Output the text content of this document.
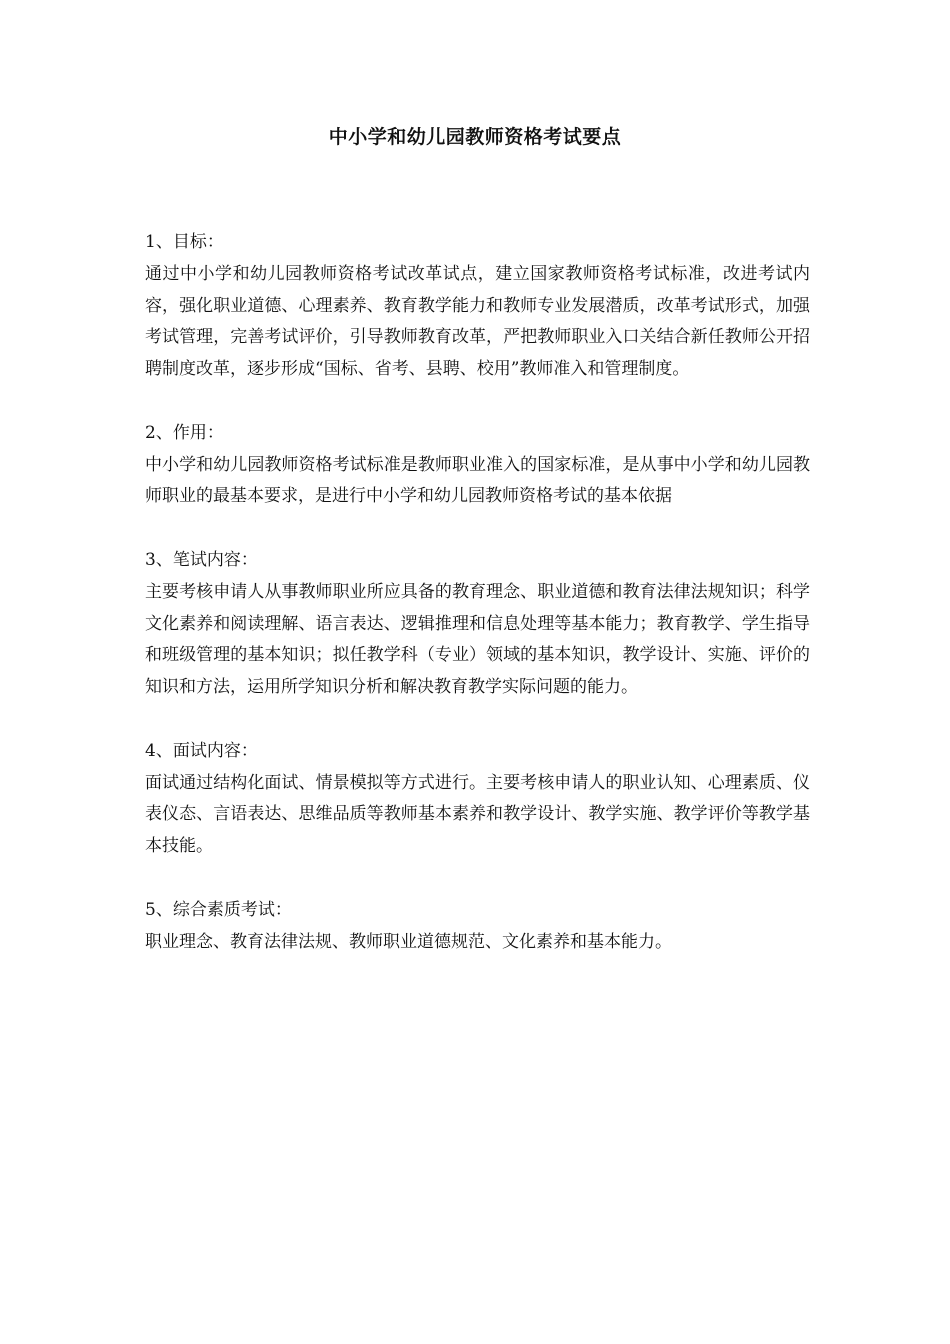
中小学和幼儿园教师资格考试要点

1、目标：

通过中小学和幼儿园教师资格考试改革试点，建立国家教师资格考试标准，改进考试内容，强化职业道德、心理素养、教育教学能力和教师专业发展潜质，改革考试形式，加强考试管理，完善考试评价，引导教师教育改革，严把教师职业入口关结合新任教师公开招聘制度改革，逐步形成“国标、省考、县聘、校用”教师准入和管理制度。

2、作用：

中小学和幼儿园教师资格考试标准是教师职业准入的国家标准，是从事中小学和幼儿园教师职业的最基本要求，是进行中小学和幼儿园教师资格考试的基本依据

3、笔试内容：

主要考核申请人从事教师职业所应具备的教育理念、职业道德和教育法律法规知识；科学文化素养和阅读理解、语言表达、逻辑推理和信息处理等基本能力；教育教学、学生指导和班级管理的基本知识；拟任教学科（专业）领域的基本知识，教学设计、实施、评价的知识和方法，运用所学知识分析和解决教育教学实际问题的能力。

4、面试内容：

面试通过结构化面试、情景模拟等方式进行。主要考核申请人的职业认知、心理素质、仪表仪态、言语表达、思维品质等教师基本素养和教学设计、教学实施、教学评价等教学基本技能。

5、综合素质考试：

职业理念、教育法律法规、教师职业道德规范、文化素养和基本能力。
